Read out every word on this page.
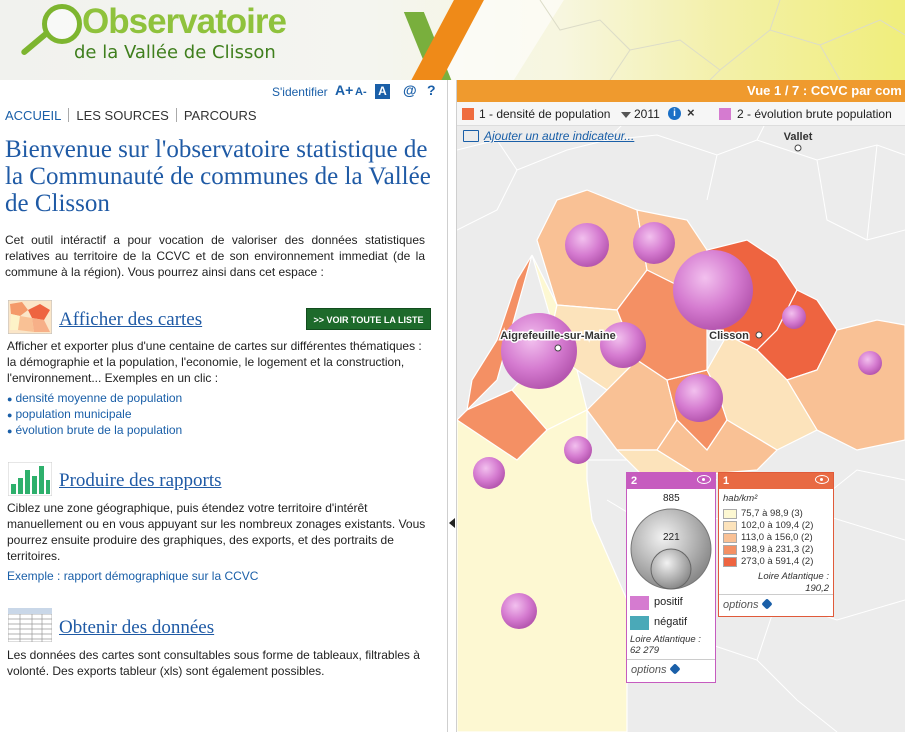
Observatoire
de la Vallée de Clisson
S'identifier A+ A- A @ ?
ACCUEIL LES SOURCES PARCOURS
Bienvenue sur l'observatoire statistique de la Communauté de communes de la Vallée de Clisson
Cet outil intéractif a pour vocation de valoriser des données statistiques relatives au territoire de la CCVC et de son environnement immediat (de la commune à la région). Vous pourrez ainsi dans cet espace :
Afficher des cartes	>> VOIR TOUTE LA LISTE
Afficher et exporter plus d'une centaine de cartes sur différentes thématiques : la démographie et la population, l'economie, le logement et la construction, l'environnement... Exemples en un clic :
● densité moyenne de population
● population municipale
● évolution brute de la population
Produire des rapports
Ciblez une zone géographique, puis étendez votre territoire d'intérêt manuellement ou en vous appuyant sur les nombreux zonages existants. Vous pourrez ensuite produire des graphiques, des exports, et des portraits de territoires.
Exemple : rapport démographique sur la CCVC
Obtenir des données
Les données des cartes sont consultables sous forme de tableaux, filtrables à volonté. Des exports tableur (xls) sont également possibles.
Vallet
Aigrefeuille-sur-Maine	Clisson
Vue 1 / 7 : CCVC par com
1 - densité de population 2011	i ×	2 - évolution brute population
Ajouter un autre indicateur...
2
885
221
positif
négatif
Loire Atlantique :
62 279
options
1
hab/km²
75,7 à 98,9 (3)
102,0 à 109,4 (2)
113,0 à 156,0 (2)
198,9 à 231,3 (2)
273,0 à 591,4 (2)
Loire Atlantique :
190,2
options
